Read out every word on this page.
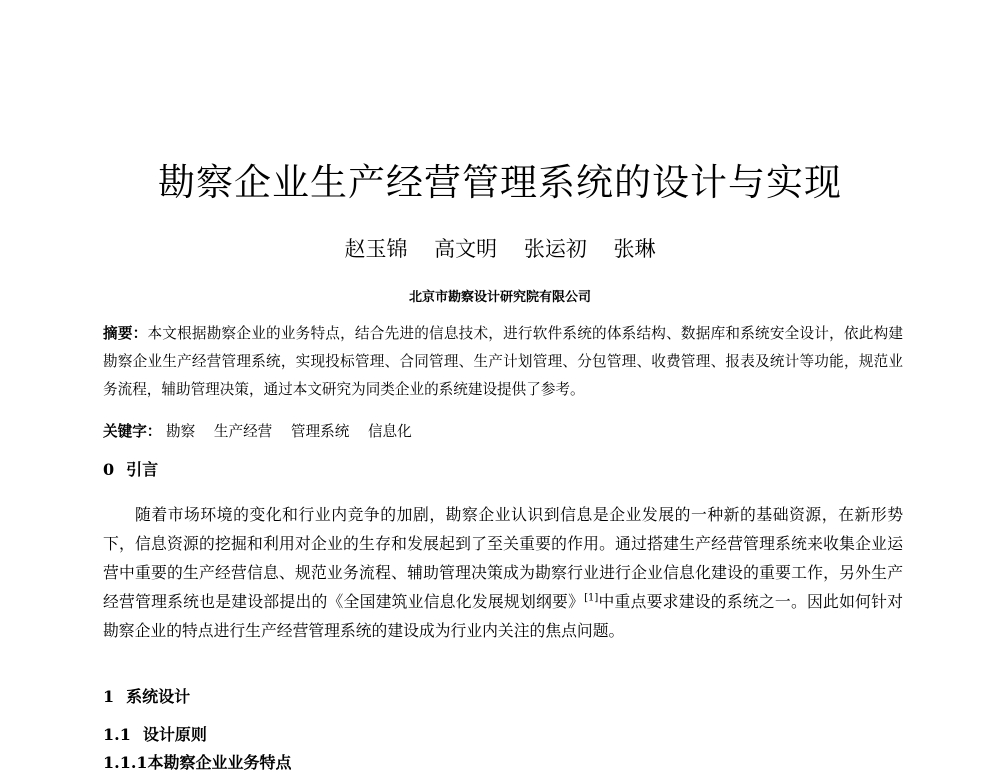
勘察企业生产经营管理系统的设计与实现
赵玉锦 高文明 张运初 张琳
北京市勘察设计研究院有限公司

摘要：本文根据勘察企业的业务特点，结合先进的信息技术，进行软件系统的体系结构、数据库和系统安全设计，依此构建勘察企业生产经营管理系统，实现投标管理、合同管理、生产计划管理、分包管理、收费管理、报表及统计等功能，规范业务流程，辅助管理决策，通过本文研究为同类企业的系统建设提供了参考。

关键字： 勘察 生产经营 管理系统 信息化
0 引言

随着市场环境的变化和行业内竞争的加剧，勘察企业认识到信息是企业发展的一种新的基础资源，在新形势下，信息资源的挖掘和利用对企业的生存和发展起到了至关重要的作用。通过搭建生产经营管理系统来收集企业运营中重要的生产经营信息、规范业务流程、辅助管理决策成为勘察行业进行企业信息化建设的重要工作，另外生产经营管理系统也是建设部提出的《全国建筑业信息化发展规划纲要》[1]中重点要求建设的系统之一。因此如何针对勘察企业的特点进行生产经营管理系统的建设成为行业内关注的焦点问题。

1 系统设计
1.1 设计原则
1.1.1本勘察企业业务特点
